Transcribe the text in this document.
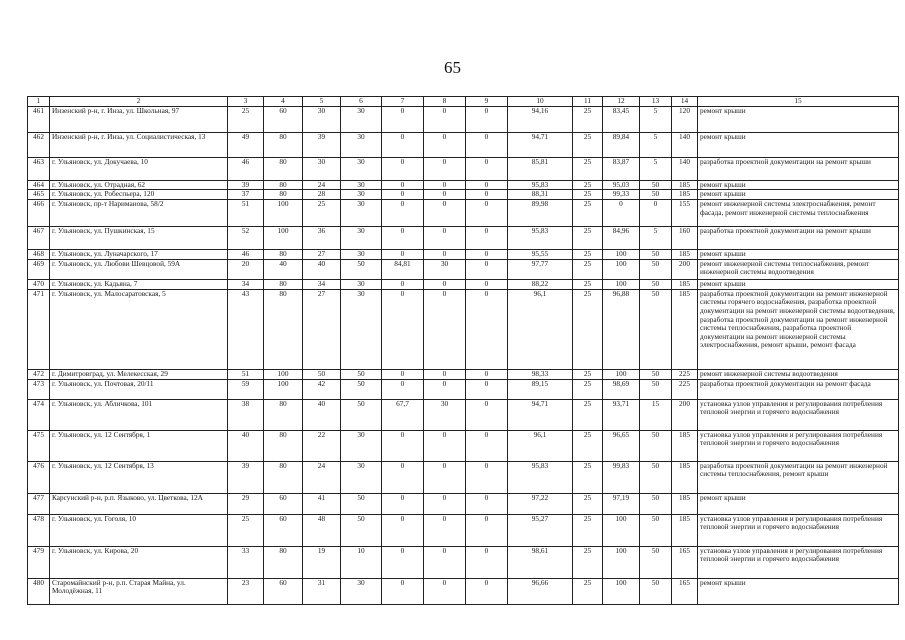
65
1	2	3	4	5	6	7	8	9	10	11	12	13	14	15
461	Инзенский р-н, г. Инза, ул. Школьная, 97	25	60	30	30	0	0	0	94,16	25	83,45	5	120	ремонт крыши
462	Инзенский р-н, г. Инза, ул. Социалистическая, 13	49	80	39	30	0	0	0	94,71	25	89,84	5	140	ремонт крыши
463	г. Ульяновск, ул. Докучаева, 10	46	80	30	30	0	0	0	85,81	25	83,87	5	140	разработка проектной документации на ремонт крыши
464	г. Ульяновск, ул. Отрадная, 62	39	80	24	30	0	0	0	95,83	25	95,03	50	185	ремонт крыши
465	г. Ульяновск, ул. Робеспьера, 120	37	80	28	30	0	0	0	88,31	25	99,33	50	185	ремонт крыши
466	г. Ульяновск, пр-т Нариманова, 58/2	51	100	25	30	0	0	0	89,98	25	0	0	155	ремонт инженерной системы электроснабжения, ремонт фасада, ремонт инженерной системы теплоснабжения
467	г. Ульяновск, ул. Пушкинская, 15	52	100	36	30	0	0	0	95,83	25	84,96	5	160	разработка проектной документации на ремонт крыши
468	г. Ульяновск, ул. Луначарского, 17	46	80	27	30	0	0	0	95,55	25	100	50	185	ремонт крыши
469	г. Ульяновск, ул. Любови Шевцовой, 59А	20	40	40	50	84,81	30	0	97,77	25	100	50	200	ремонт инженерной системы теплоснабжения, ремонт инженерной системы водоотведения
470	г. Ульяновск, ул. Кадьяна, 7	34	80	34	30	0	0	0	88,22	25	100	50	185	ремонт крыши
471	г. Ульяновск, ул. Малосаратовская, 5	43	80	27	30	0	0	0	96,1	25	96,88	50	185	разработка проектной документации на ремонт инженерной системы горячего водоснабжения, разработка проектной документации на ремонт инженерной системы водоотведения, разработка проектной документации на ремонт инженерной системы теплоснабжения, разработка проектной документации на ремонт инженерной системы электроснабжения, ремонт крыши, ремонт фасада
472	г. Димитровград, ул. Мелекесская, 29	51	100	50	50	0	0	0	98,33	25	100	50	225	ремонт инженерной системы водоотведения
473	г. Ульяновск, ул. Почтовая, 20/11	59	100	42	50	0	0	0	89,15	25	98,69	50	225	разработка проектной документации на ремонт фасада
474	г. Ульяновск, ул. Абличкова, 101	38	80	40	50	67,7	30	0	94,71	25	93,71	15	200	установка узлов управления и регулирования потребления тепловой энергии и горячего водоснабжения
475	г. Ульяновск, ул. 12 Сентября, 1	40	80	22	30	0	0	0	96,1	25	96,65	50	185	установка узлов управления и регулирования потребления тепловой энергии и горячего водоснабжения
476	г. Ульяновск, ул. 12 Сентября, 13	39	80	24	30	0	0	0	95,83	25	99,83	50	185	разработка проектной документации на ремонт инженерной системы теплоснабжения, ремонт крыши
477	Карсунский р-н, р.п. Языково, ул. Цветкова, 12А	29	60	41	50	0	0	0	97,22	25	97,19	50	185	ремонт крыши
478	г. Ульяновск, ул. Гоголя, 10	25	60	48	50	0	0	0	95,27	25	100	50	185	установка узлов управления и регулирования потребления тепловой энергии и горячего водоснабжения
479	г. Ульяновск, ул. Кирова, 20	33	80	19	10	0	0	0	98,61	25	100	50	165	установка узлов управления и регулирования потребления тепловой энергии и горячего водоснабжения
480	Старомайнский р-н, р.п. Старая Майна, ул. Молодёжная, 11	23	60	31	30	0	0	0	96,66	25	100	50	165	ремонт крыши
